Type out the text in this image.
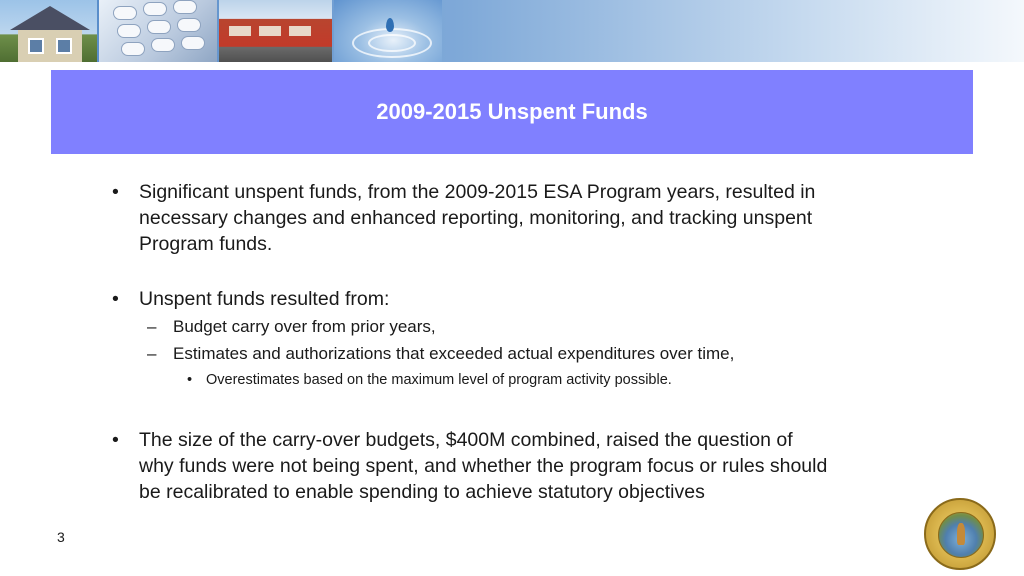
2009-2015 Unspent Funds
• Significant unspent funds, from the 2009-2015 ESA Program years, resulted in
necessary changes and enhanced reporting, monitoring, and tracking unspent
Program funds.
• Unspent funds resulted from:
– Budget carry over from prior years,
– Estimates and authorizations that exceeded actual expenditures over time,
• Overestimates based on the maximum level of program activity possible.
• The size of the carry-over budgets, $400M combined, raised the question of
why funds were not being spent, and whether the program focus or rules should
be recalibrated to enable spending to achieve statutory objectives
3
